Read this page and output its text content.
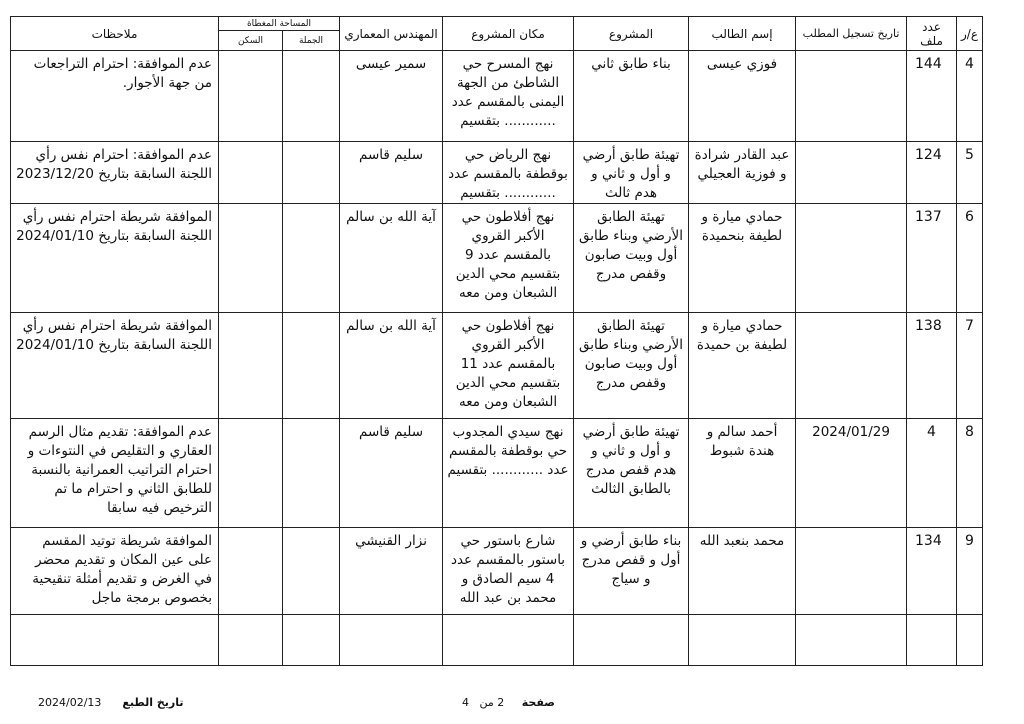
ع/ر	عدد ملف	تاريخ تسجيل المطلب	إسم الطالب	المشروع	مكان المشروع	المهندس المعماري	المساحة المغطاة		ملاحظات
							الجملة	السكن	
4	144		فوزي عيسى	بناء طابق ثاني	نهج المسرح حي الشاطئ من الجهة اليمنى بالمقسم عدد ............ بتقسيم	سمير عيسى			عدم الموافقة: احترام التراجعات من جهة الأجوار.
5	124		عبد القادر شرادة و فوزية العجيلي	تهيئة طابق أرضي و أول و ثاني و هدم ثالث	نهج الرياض حي بوقطفة بالمقسم عدد ............ بتقسيم	سليم قاسم			عدم الموافقة: احترام نفس رأي اللجنة السابقة بتاريخ 2023/12/20
6	137		حمادي ميارة و لطيفة بنحميدة	تهيئة الطابق الأرضي وبناء طابق أول وبيت صابون وقفص مدرج	نهج أفلاطون حي الأكبر القروي بالمقسم عدد 9 بتقسيم محي الدين الشبعان ومن معه	آية الله بن سالم			الموافقة شريطة احترام نفس رأي اللجنة السابقة بتاريخ 2024/01/10
7	138		حمادي ميارة و لطيفة بن حميدة	تهيئة الطابق الأرضي وبناء طابق أول وبيت صابون وقفص مدرج	نهج أفلاطون حي الأكبر القروي بالمقسم عدد 11 بتقسيم محي الدين الشبعان ومن معه	آية الله بن سالم			الموافقة شريطة احترام نفس رأي اللجنة السابقة بتاريخ 2024/01/10
8	4	2024/01/29	أحمد سالم و هندة شبوط	تهيئة طابق أرضي و أول و ثاني و هدم قفص مدرج بالطابق الثالث	نهج سيدي المجدوب حي بوقطفة بالمقسم عدد ............ بتقسيم	سليم قاسم			عدم الموافقة: تقديم مثال الرسم العقاري و التقليص في النتوءات و احترام التراتيب العمرانية بالنسبة للطابق الثاني و احترام ما تم الترخيص فيه سابقا
9	134		محمد بنعبد الله	بناء طابق أرضي و أول و قفص مدرج و سياج	شارع باستور حي باستور بالمقسم عدد 4 سيم الصادق و محمد بن عبد الله	نزار القنيشي			الموافقة شريطة توتيد المقسم على عين المكان و تقديم محضر في الغرض و تقديم أمثلة تنقيحية بخصوص برمجة ماجل

تاريخ الطبع      2024/02/13	صفحة     2 من   4
